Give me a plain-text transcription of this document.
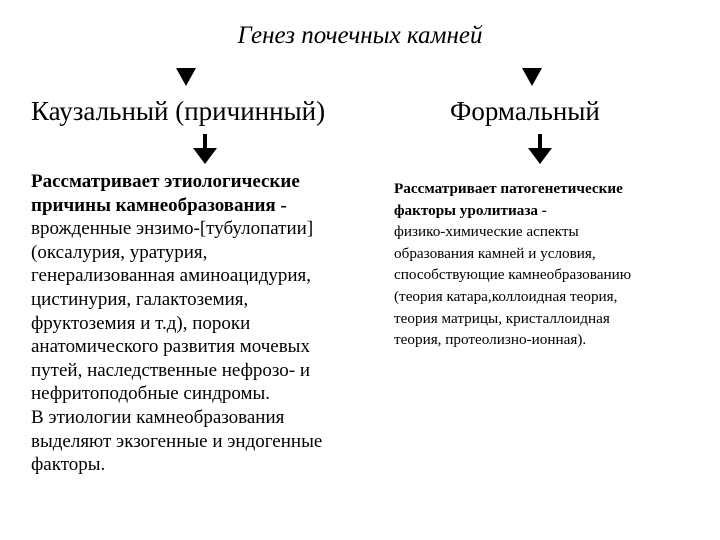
Генез почечных камней
Каузальный (причинный)	Формальный
Рассматривает этиологические
причины камнеобразования -
врожденные энзимо-[тубулопатии]
(оксалурия, уратурия,
генерализованная аминоацидурия,
цистинурия, галактоземия,
фруктоземия и т.д), пороки
анатомического развития мочевых
путей, наследственные нефрозо- и
нефритоподобные синдромы.
В этиологии камнеобразования
выделяют экзогенные и эндогенные
факторы.
Рассматривает патогенетические
факторы уролитиаза -
физико-химические аспекты
образования камней и условия,
способствующие камнеобразованию
(теория катара,коллоидная теория,
теория матрицы, кристаллоидная
теория, протеолизно-ионная).
